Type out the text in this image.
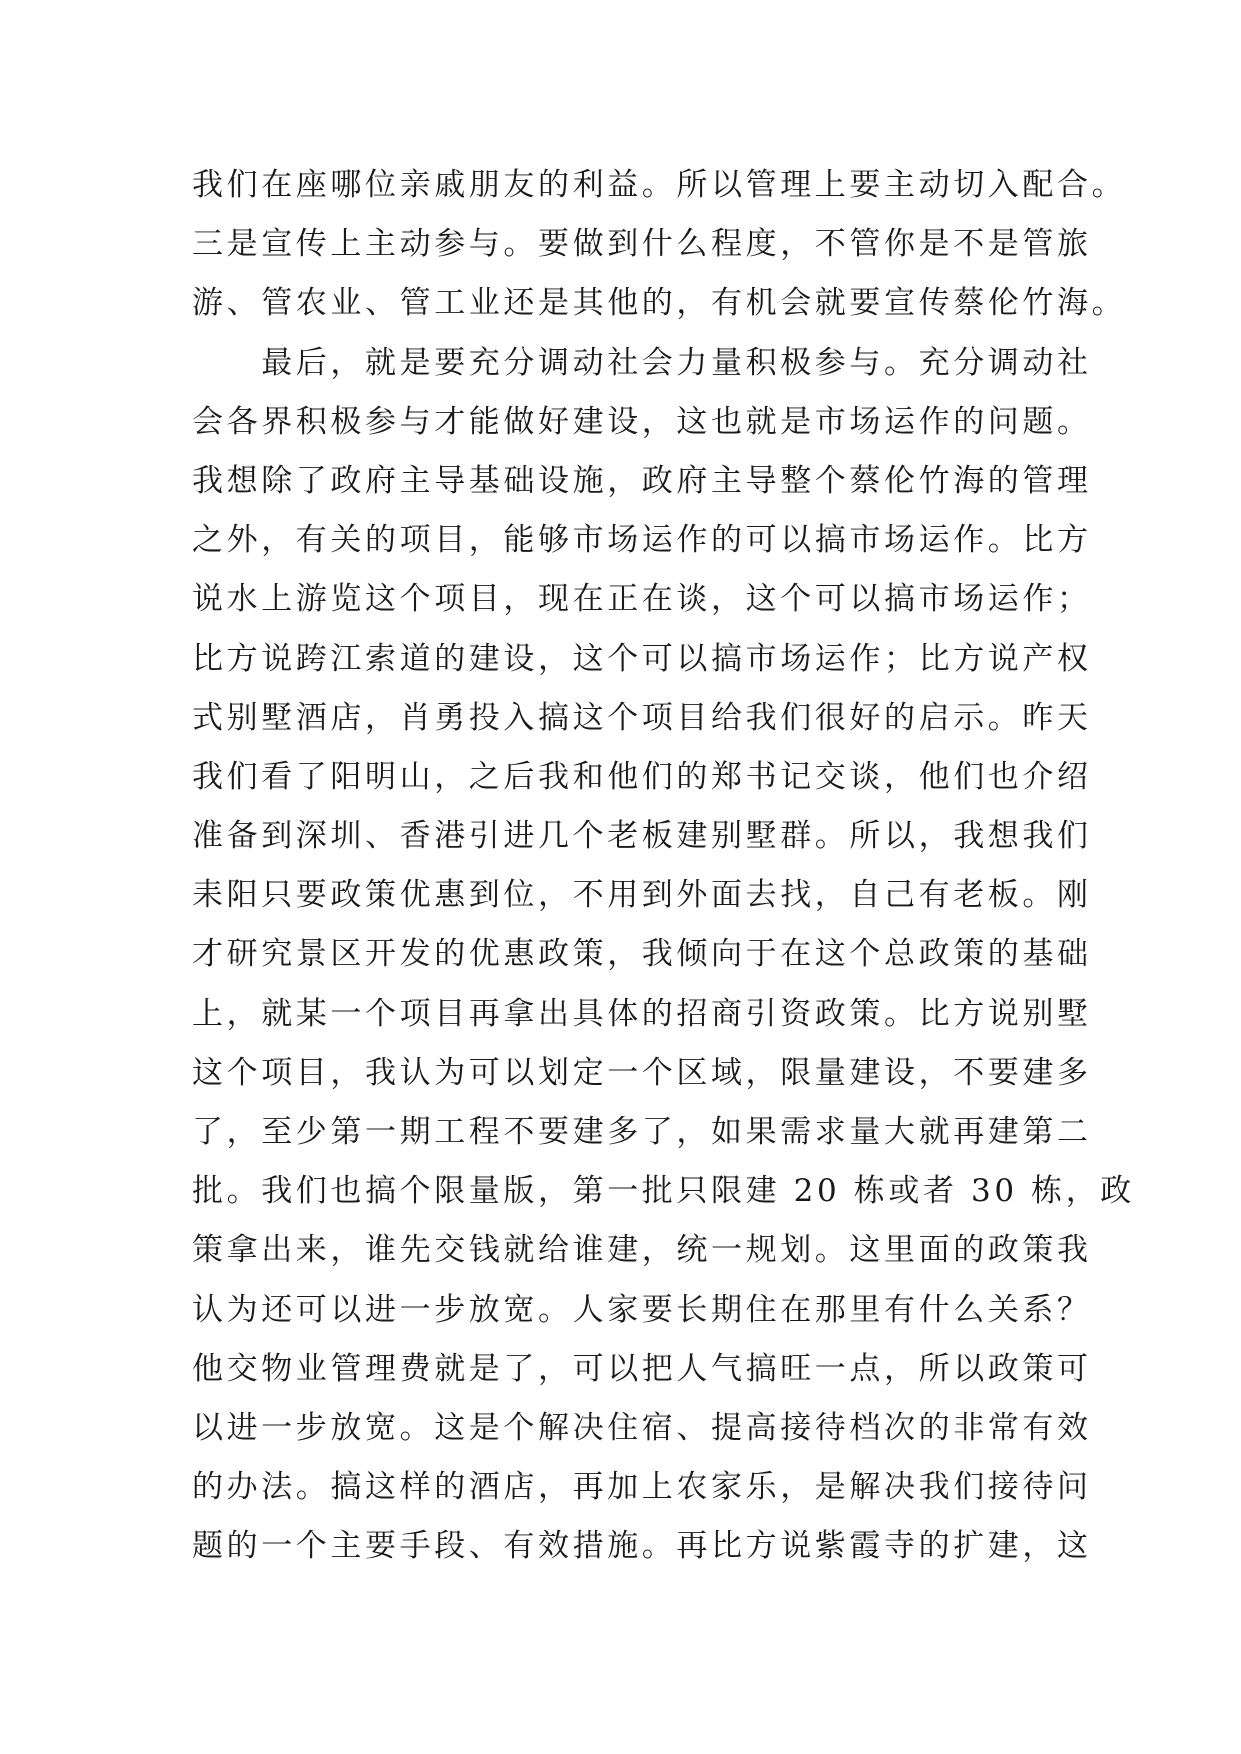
我们在座哪位亲戚朋友的利益。所以管理上要主动切入配合。
三是宣传上主动参与。要做到什么程度，不管你是不是管旅
游、管农业、管工业还是其他的，有机会就要宣传蔡伦竹海。
　　最后，就是要充分调动社会力量积极参与。充分调动社
会各界积极参与才能做好建设，这也就是市场运作的问题。
我想除了政府主导基础设施，政府主导整个蔡伦竹海的管理
之外，有关的项目，能够市场运作的可以搞市场运作。比方
说水上游览这个项目，现在正在谈，这个可以搞市场运作；
比方说跨江索道的建设，这个可以搞市场运作；比方说产权
式别墅酒店，肖勇投入搞这个项目给我们很好的启示。昨天
我们看了阳明山，之后我和他们的郑书记交谈，他们也介绍
准备到深圳、香港引进几个老板建别墅群。所以，我想我们
耒阳只要政策优惠到位，不用到外面去找，自己有老板。刚
才研究景区开发的优惠政策，我倾向于在这个总政策的基础
上，就某一个项目再拿出具体的招商引资政策。比方说别墅
这个项目，我认为可以划定一个区域，限量建设，不要建多
了，至少第一期工程不要建多了，如果需求量大就再建第二
批。我们也搞个限量版，第一批只限建 20 栋或者 30 栋，政
策拿出来，谁先交钱就给谁建，统一规划。这里面的政策我
认为还可以进一步放宽。人家要长期住在那里有什么关系？
他交物业管理费就是了，可以把人气搞旺一点，所以政策可
以进一步放宽。这是个解决住宿、提高接待档次的非常有效
的办法。搞这样的酒店，再加上农家乐，是解决我们接待问
题的一个主要手段、有效措施。再比方说紫霞寺的扩建，这
